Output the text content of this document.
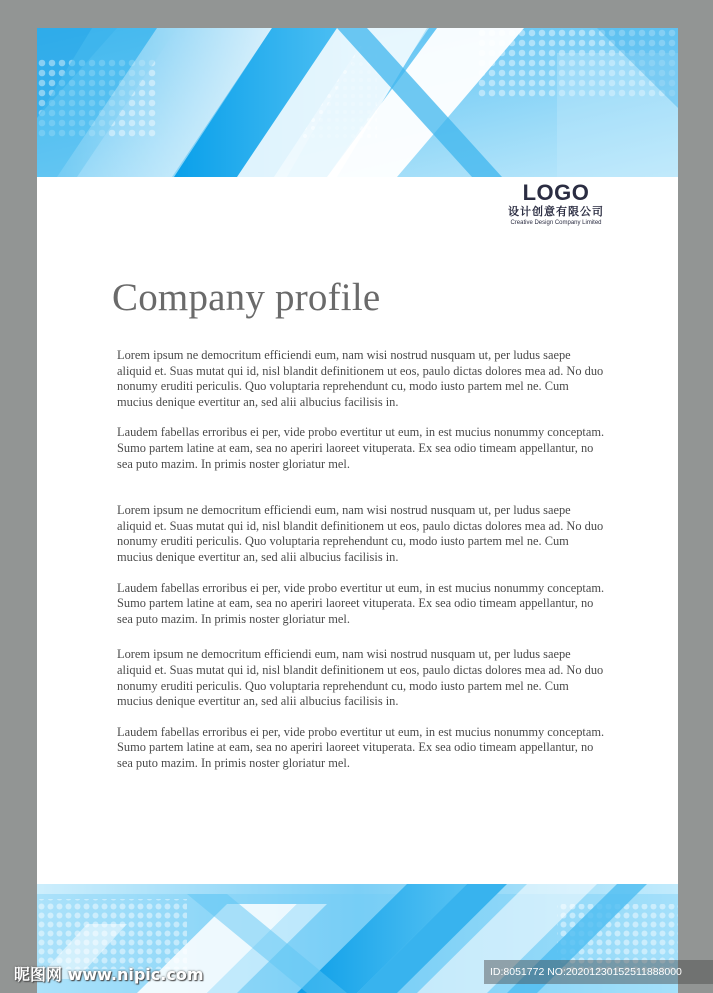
LOGO
设计创意有限公司
Creative Design Company Limited
Company profile

Lorem ipsum ne democritum efficiendi eum, nam wisi nostrud nusquam ut, per ludus saepe aliquid et. Suas mutat qui id, nisl blandit definitionem ut eos, paulo dictas dolores mea ad. No duo nonumy eruditi periculis. Quo voluptaria reprehendunt cu, modo iusto partem mel ne. Cum mucius denique evertitur an, sed alii albucius facilisis in.

Laudem fabellas erroribus ei per, vide probo evertitur ut eum, in est mucius nonummy conceptam. Sumo partem latine at eam, sea no aperiri laoreet vituperata. Ex sea odio timeam appellantur, no sea puto mazim. In primis noster gloriatur mel.

Lorem ipsum ne democritum efficiendi eum, nam wisi nostrud nusquam ut, per ludus saepe aliquid et. Suas mutat qui id, nisl blandit definitionem ut eos, paulo dictas dolores mea ad. No duo nonumy eruditi periculis. Quo voluptaria reprehendunt cu, modo iusto partem mel ne. Cum mucius denique evertitur an, sed alii albucius facilisis in.

Laudem fabellas erroribus ei per, vide probo evertitur ut eum, in est mucius nonummy conceptam. Sumo partem latine at eam, sea no aperiri laoreet vituperata. Ex sea odio timeam appellantur, no sea puto mazim. In primis noster gloriatur mel.

Lorem ipsum ne democritum efficiendi eum, nam wisi nostrud nusquam ut, per ludus saepe aliquid et. Suas mutat qui id, nisl blandit definitionem ut eos, paulo dictas dolores mea ad. No duo nonumy eruditi periculis. Quo voluptaria reprehendunt cu, modo iusto partem mel ne. Cum mucius denique evertitur an, sed alii albucius facilisis in.

Laudem fabellas erroribus ei per, vide probo evertitur ut eum, in est mucius nonummy conceptam. Sumo partem latine at eam, sea no aperiri laoreet vituperata. Ex sea odio timeam appellantur, no sea puto mazim. In primis noster gloriatur mel.

昵图网 www.nipic.com	ID:8051772 NO:20201230152511888000
